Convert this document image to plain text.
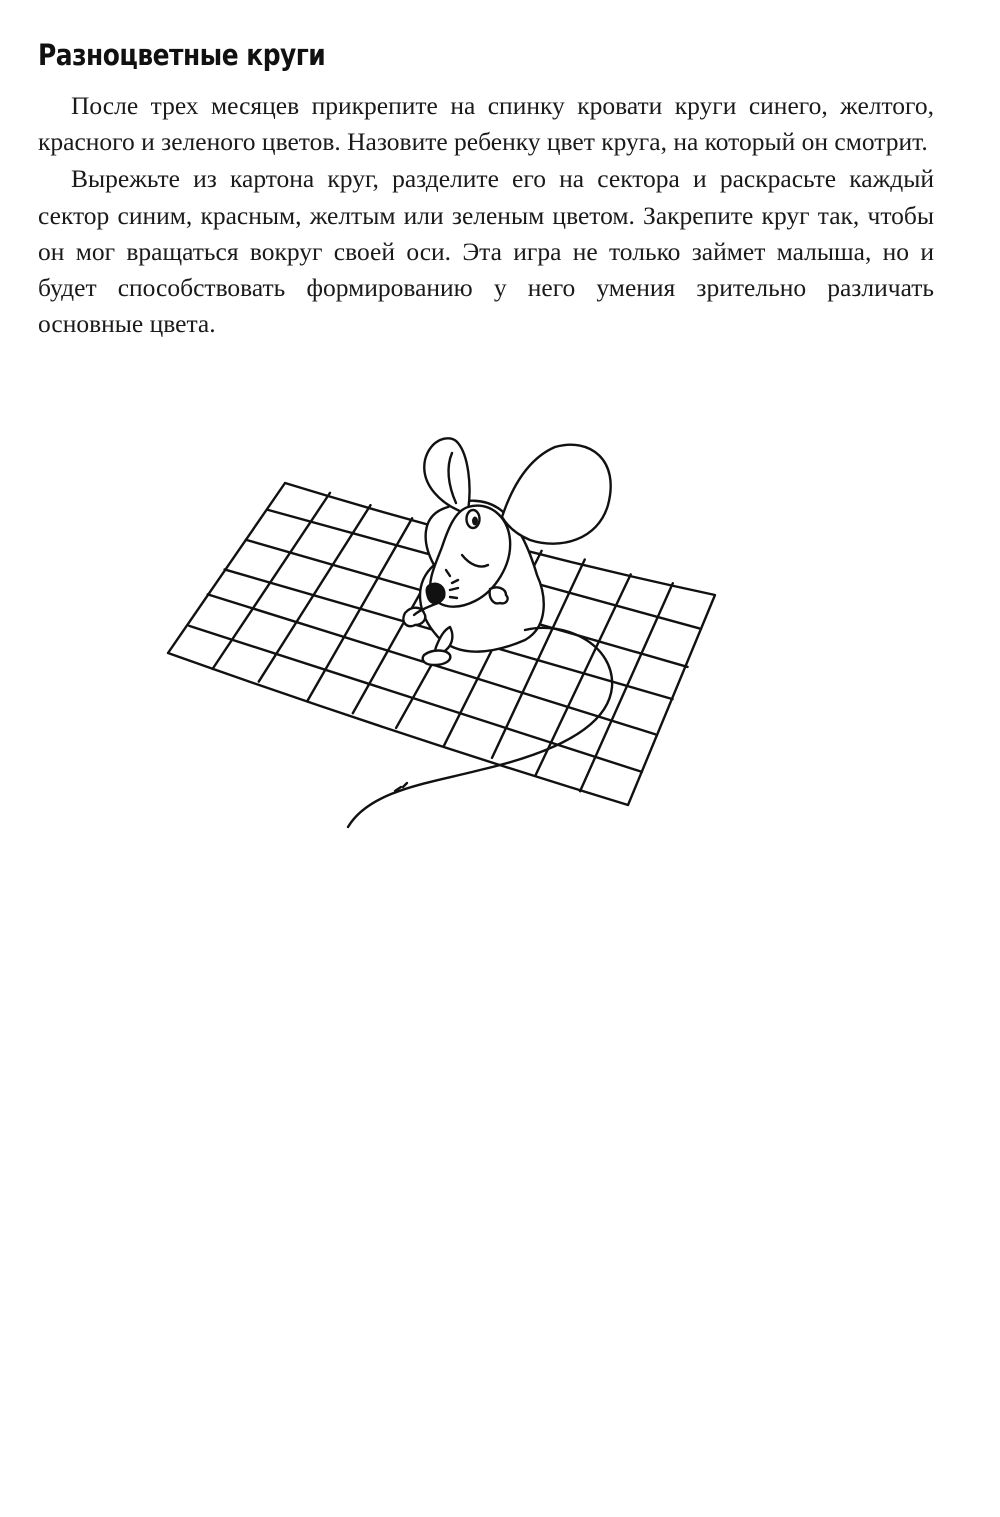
Разноцветные круги

После трех месяцев прикрепите на спинку кровати круги синего, желтого, красного и зеленого цветов. Назовите ребенку цвет круга, на который он смотрит.

Вырежьте из картона круг, разделите его на сектора и раскрасьте каждый сектор синим, красным, желтым или зеленым цветом. Закрепите круг так, чтобы он мог вращаться вокруг своей оси. Эта игра не только займет малыша, но и будет способствовать формированию у него умения зрительно различать основные цвета.
